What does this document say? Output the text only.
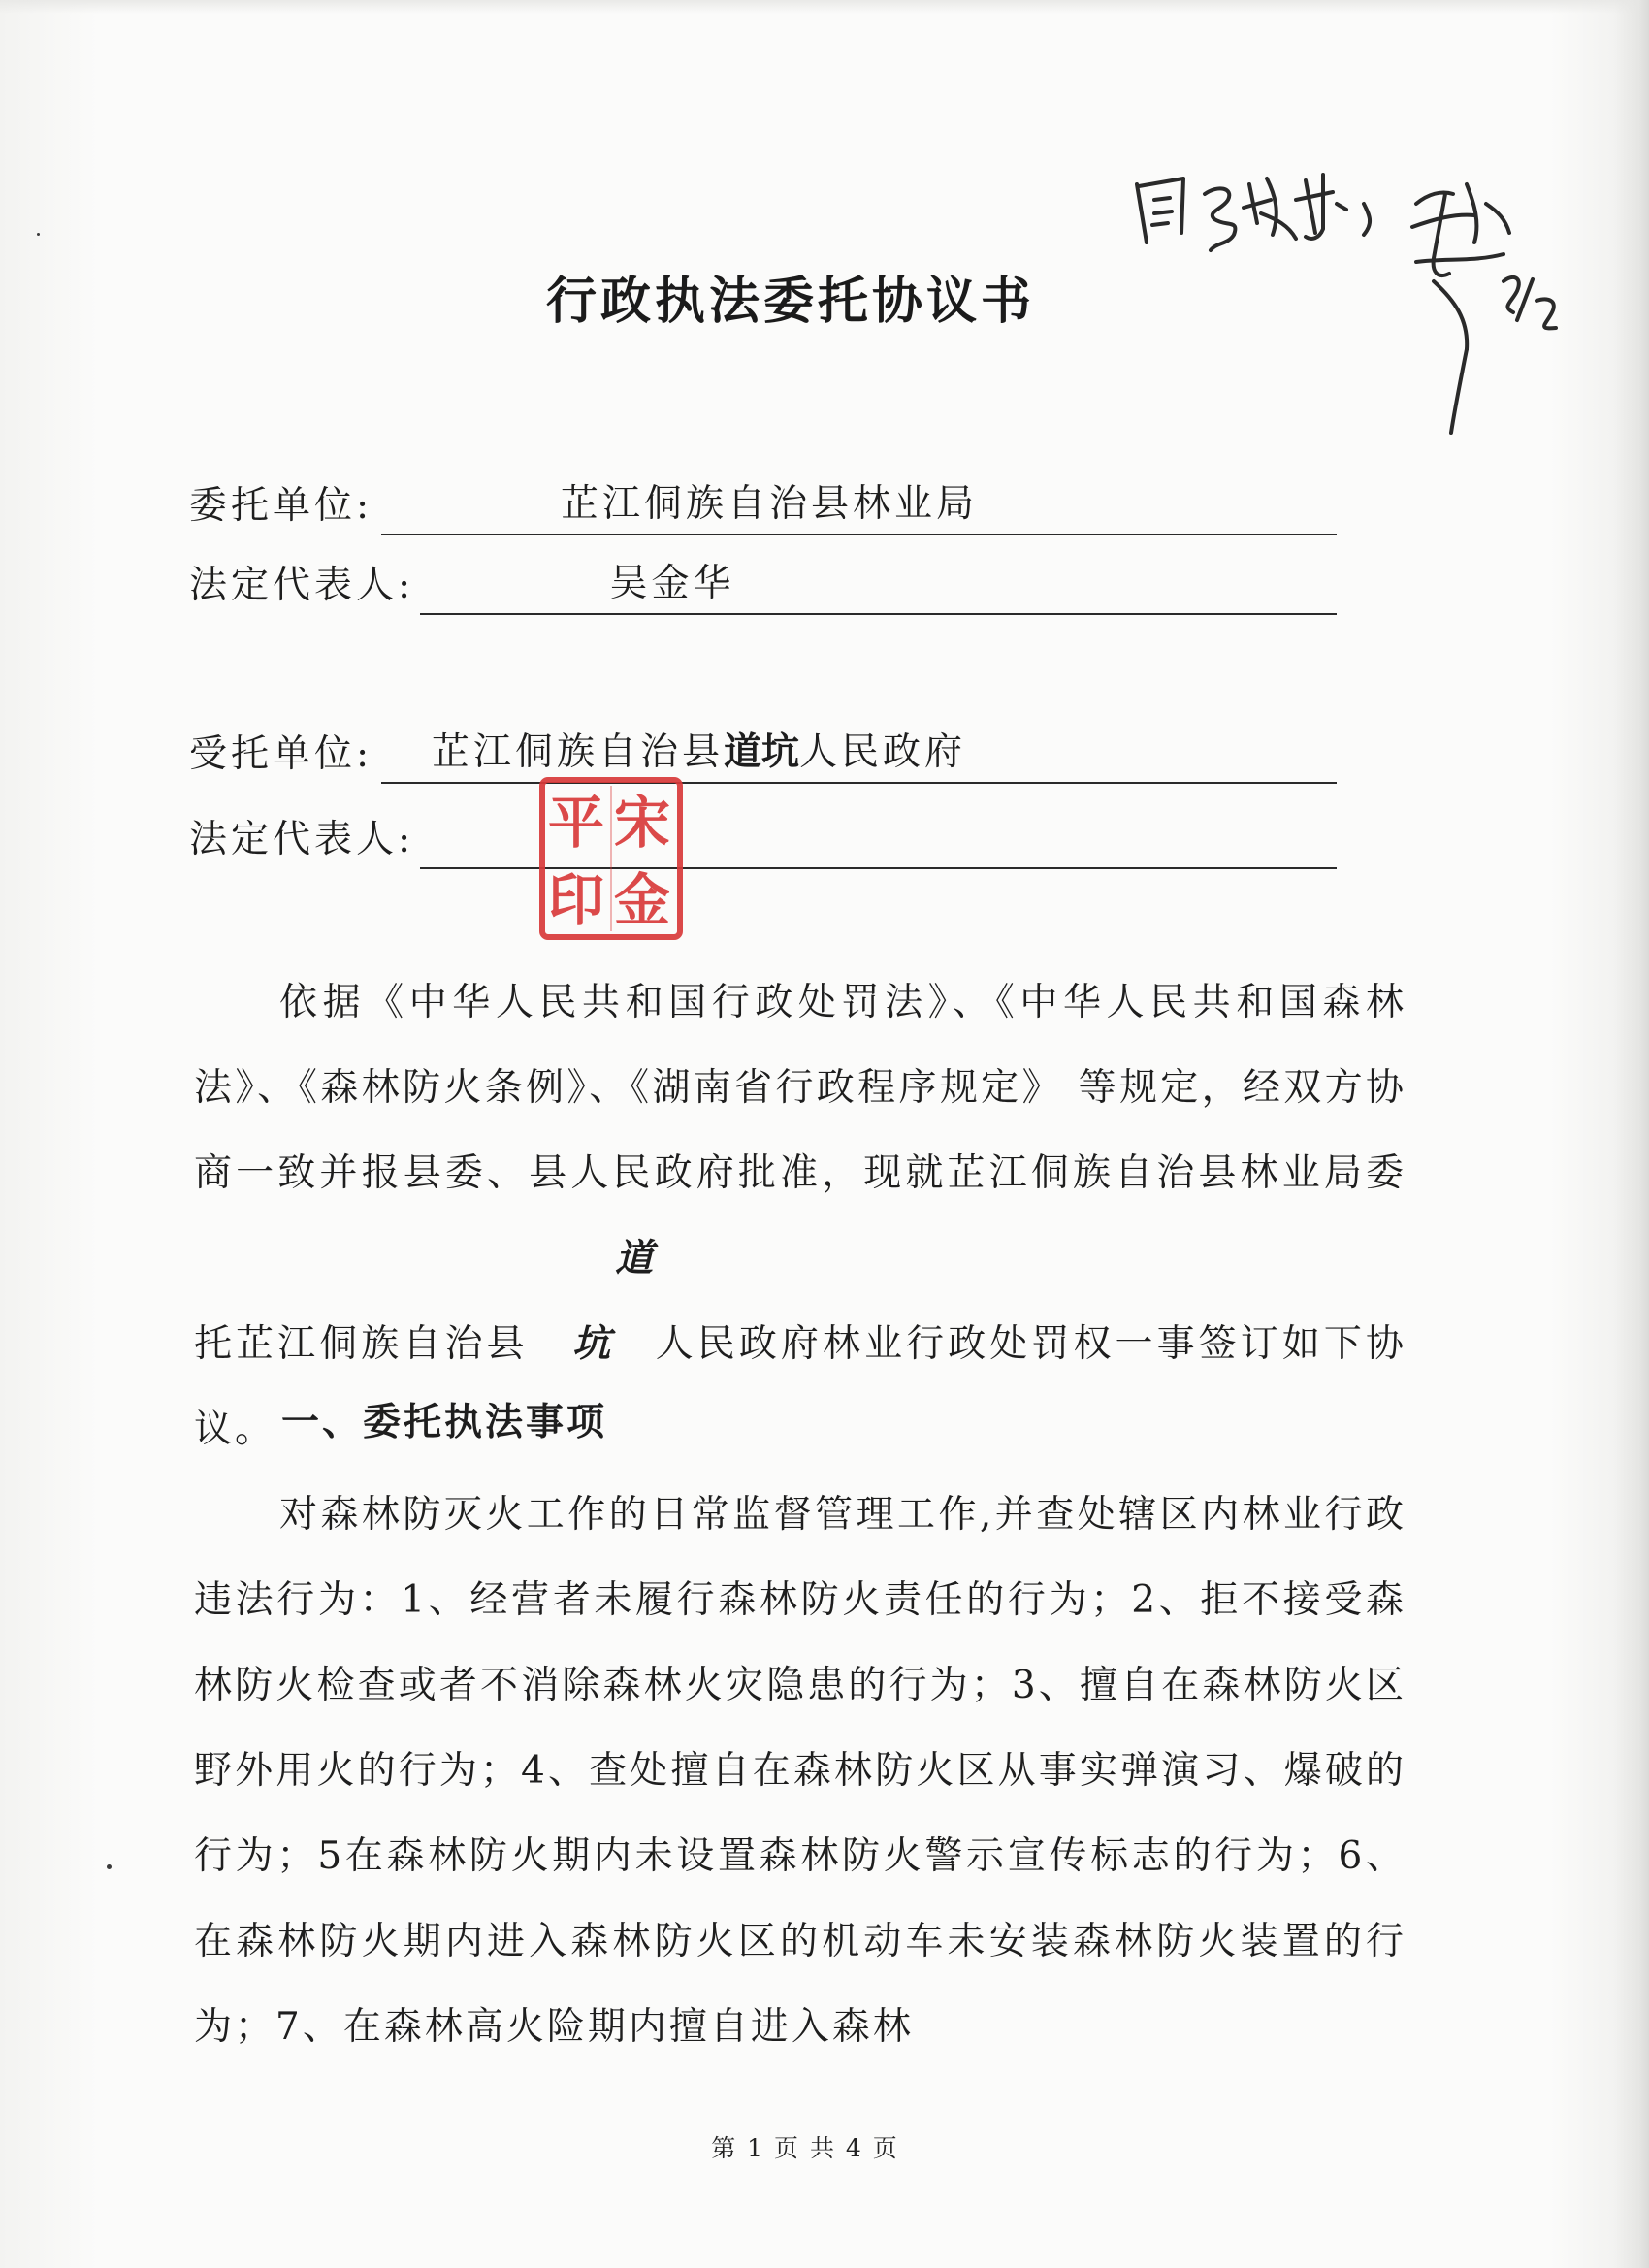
行政执法委托协议书
同意执行 宋平 8/2
委托单位:	芷江侗族自治县林业局
法定代表人:	吴金华
受托单位: 芷江侗族自治县道坑人民政府
法定代表人: 平 宋
印 金
宋平金印

依据《中华人民共和国行政处罚法》、《中华人民共和国森林法》、《森林防火条例》、《湖南省行政程序规定》 等规定，经双方协商一致并报县委、县人民政府批准，现就芷江侗族自治县林业局委托芷江侗族自治县道坑 人民政府林业行政处罚权一事签订如下协议。 一、委托执法事项

对森林防灭火工作的日常监督管理工作,并查处辖区内林业行政违法行为：1、经营者未履行森林防火责任的行为；2、拒不接受森林防火检查或者不消除森林火灾隐患的行为；3、擅自在森林防火区野外用火的行为；4、查处擅自在森林防火区从事实弹演习、爆破的行为；5在森林防火期内未设置森林防火警示宣传标志的行为；6、在森林防火期内进入森林防火区的机动车未安装森林防火装置的行为；7、在森林高火险期内擅自进入森林

第 1 页 共 4 页
